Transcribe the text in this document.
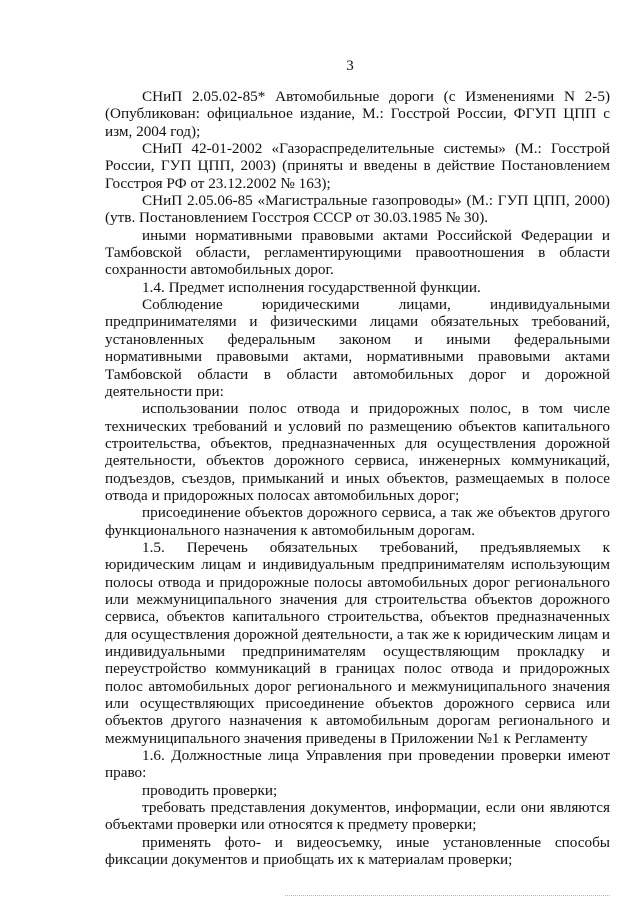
3

СНиП 2.05.02-85* Автомобильные дороги (с Изменениями N 2-5) (Опубликован: официальное издание, М.: Госстрой России, ФГУП ЦПП с изм, 2004 год);

СНиП 42-01-2002 «Газораспределительные системы» (М.: Госстрой России, ГУП ЦПП, 2003) (приняты и введены в действие Постановлением Госстроя РФ от 23.12.2002 № 163);

СНиП 2.05.06-85 «Магистральные газопроводы» (М.: ГУП ЦПП, 2000) (утв. Постановлением Госстроя СССР от 30.03.1985 № 30).

иными нормативными правовыми актами Российской Федерации и Тамбовской области, регламентирующими правоотношения в области сохранности автомобильных дорог.

1.4. Предмет исполнения государственной функции.

Соблюдение юридическими лицами, индивидуальными предпринимателями и физическими лицами обязательных требований, установленных федеральным законом и иными федеральными нормативными правовыми актами, нормативными правовыми актами Тамбовской области в области автомобильных дорог и дорожной деятельности при:

использовании полос отвода и придорожных полос, в том числе технических требований и условий по размещению объектов капитального строительства, объектов, предназначенных для осуществления дорожной деятельности, объектов дорожного сервиса, инженерных коммуникаций, подъездов, съездов, примыканий и иных объектов, размещаемых в полосе отвода и придорожных полосах автомобильных дорог;

присоединение объектов дорожного сервиса, а так же объектов другого функционального назначения к автомобильным дорогам.

1.5. Перечень обязательных требований, предъявляемых к юридическим лицам и индивидуальным предпринимателям использующим полосы отвода и придорожные полосы автомобильных дорог регионального или межмуниципального значения для строительства объектов дорожного сервиса, объектов капитального строительства, объектов предназначенных для осуществления дорожной деятельности, а так же к юридическим лицам и индивидуальными предпринимателям осуществляющим прокладку и переустройство коммуникаций в границах полос отвода и придорожных полос автомобильных дорог регионального и межмуниципального значения или осуществляющих присоединение объектов дорожного сервиса или объектов другого назначения к автомобильным дорогам регионального и межмуниципального значения приведены в Приложении №1 к Регламенту

1.6. Должностные лица Управления при проведении проверки имеют право:

проводить проверки;

требовать представления документов, информации, если они являются объектами проверки или относятся к предмету проверки;

применять фото- и видеосъемку, иные установленные способы фиксации документов и приобщать их к материалам проверки;
